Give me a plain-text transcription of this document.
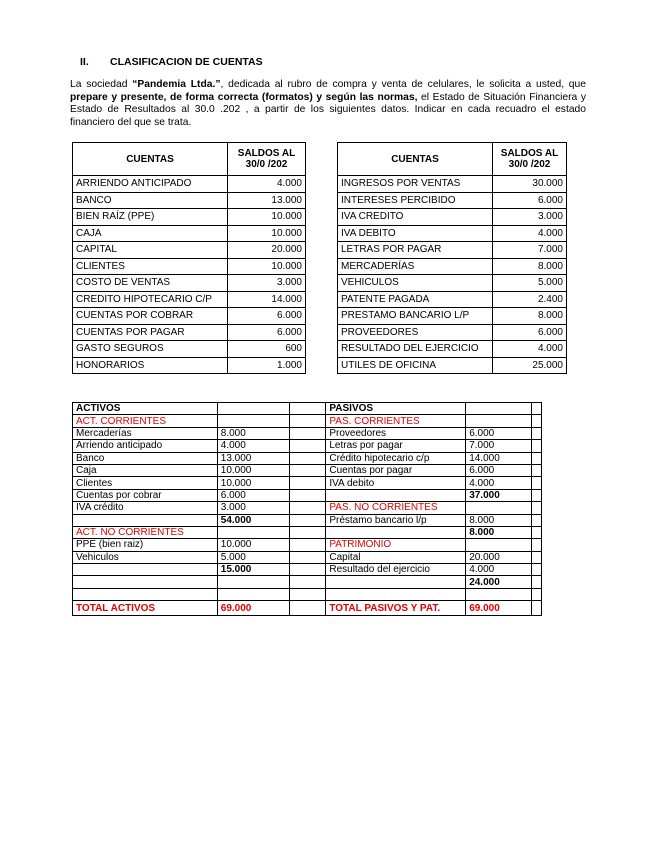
II. CLASIFICACION DE CUENTAS
La sociedad “Pandemia Ltda.”, dedicada al rubro de compra y venta de celulares, le solicita a usted, que prepare y presente, de forma correcta (formatos) y según las normas, el Estado de Situación Financiera y Estado de Resultados al 30.0 .202 , a partir de los siguientes datos. Indicar en cada recuadro el estado financiero del que se trata.
CUENTAS	SALDOS AL
30/0 /202
ARRIENDO ANTICIPADO	4.000
BANCO	13.000
BIEN RAÍZ (PPE)	10.000
CAJA	10.000
CAPITAL	20.000
CLIENTES	10.000
COSTO DE VENTAS	3.000
CREDITO HIPOTECARIO C/P	14.000
CUENTAS POR COBRAR	6.000
CUENTAS POR PAGAR	6.000
GASTO SEGUROS	600
HONORARIOS	1.000
CUENTAS	SALDOS AL
30/0 /202
INGRESOS POR VENTAS	30.000
INTERESES PERCIBIDO	6.000
IVA CREDITO	3.000
IVA DEBITO	4.000
LETRAS POR PAGAR	7.000
MERCADERÍAS	8.000
VEHICULOS	5.000
PATENTE PAGADA	2.400
PRESTAMO BANCARIO L/P	8.000
PROVEEDORES	6.000
RESULTADO DEL EJERCICIO	4.000
UTILES DE OFICINA	25.000
ACTIVOS			PASIVOS		
ACT. CORRIENTES			PAS. CORRIENTES		
Mercaderías	8.000		Proveedores	6.000	
Arriendo anticipado	4.000		Letras por pagar	7.000	
Banco	13.000		Crédito hipotecario c/p	14.000	
Caja	10.000		Cuentas por pagar	6.000	
Clientes	10.000		IVA debito	4.000	
Cuentas por cobrar	6.000			37.000	
IVA crédito	3.000		PAS. NO CORRIENTES		
	54.000		Préstamo bancario l/p	8.000	
ACT. NO CORRIENTES				8.000	
PPE (bien raiz)	10.000		PATRIMONIO		
Vehiculos	5.000		Capital	20.000	
	15.000		Resultado del ejercicio	4.000	
				24.000	

TOTAL ACTIVOS	69.000		TOTAL PASIVOS Y PAT.	69.000	
